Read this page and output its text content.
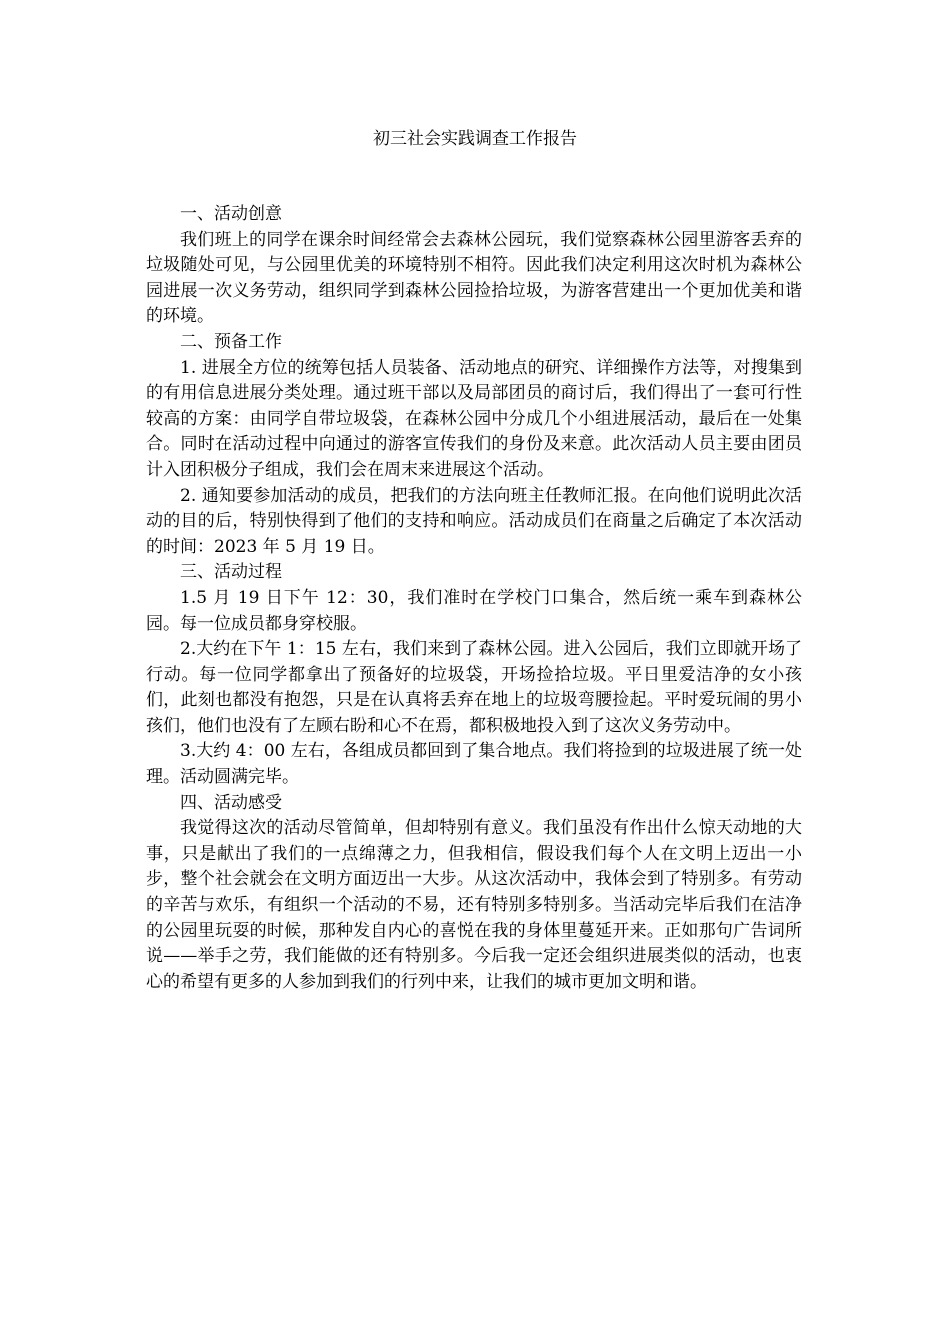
初三社会实践调查工作报告

一、活动创意

我们班上的同学在课余时间经常会去森林公园玩，我们觉察森林公园里游客丢弃的垃圾随处可见，与公园里优美的环境特别不相符。因此我们决定利用这次时机为森林公园进展一次义务劳动，组织同学到森林公园捡拾垃圾，为游客营建出一个更加优美和谐的环境。

二、预备工作

1. 进展全方位的统筹包括人员装备、活动地点的研究、详细操作方法等，对搜集到的有用信息进展分类处理。通过班干部以及局部团员的商讨后，我们得出了一套可行性较高的方案：由同学自带垃圾袋，在森林公园中分成几个小组进展活动，最后在一处集合。同时在活动过程中向通过的游客宣传我们的身份及来意。此次活动人员主要由团员计入团积极分子组成，我们会在周末来进展这个活动。

2. 通知要参加活动的成员，把我们的方法向班主任教师汇报。在向他们说明此次活动的目的后，特别快得到了他们的支持和响应。活动成员们在商量之后确定了本次活动的时间：2023 年 5 月 19 日。

三、活动过程

1.5 月 19 日下午 12：30，我们准时在学校门口集合，然后统一乘车到森林公园。每一位成员都身穿校服。

2.大约在下午 1：15 左右，我们来到了森林公园。进入公园后，我们立即就开场了行动。每一位同学都拿出了预备好的垃圾袋，开场捡拾垃圾。平日里爱洁净的女小孩们，此刻也都没有抱怨，只是在认真将丢弃在地上的垃圾弯腰捡起。平时爱玩闹的男小孩们，他们也没有了左顾右盼和心不在焉，都积极地投入到了这次义务劳动中。

3.大约 4：00 左右，各组成员都回到了集合地点。我们将捡到的垃圾进展了统一处理。活动圆满完毕。

四、活动感受

我觉得这次的活动尽管简单，但却特别有意义。我们虽没有作出什么惊天动地的大事，只是献出了我们的一点绵薄之力，但我相信，假设我们每个人在文明上迈出一小步，整个社会就会在文明方面迈出一大步。从这次活动中，我体会到了特别多。有劳动的辛苦与欢乐，有组织一个活动的不易，还有特别多特别多。当活动完毕后我们在洁净的公园里玩耍的时候，那种发自内心的喜悦在我的身体里蔓延开来。正如那句广告词所说——举手之劳，我们能做的还有特别多。今后我一定还会组织进展类似的活动，也衷心的希望有更多的人参加到我们的行列中来，让我们的城市更加文明和谐。
